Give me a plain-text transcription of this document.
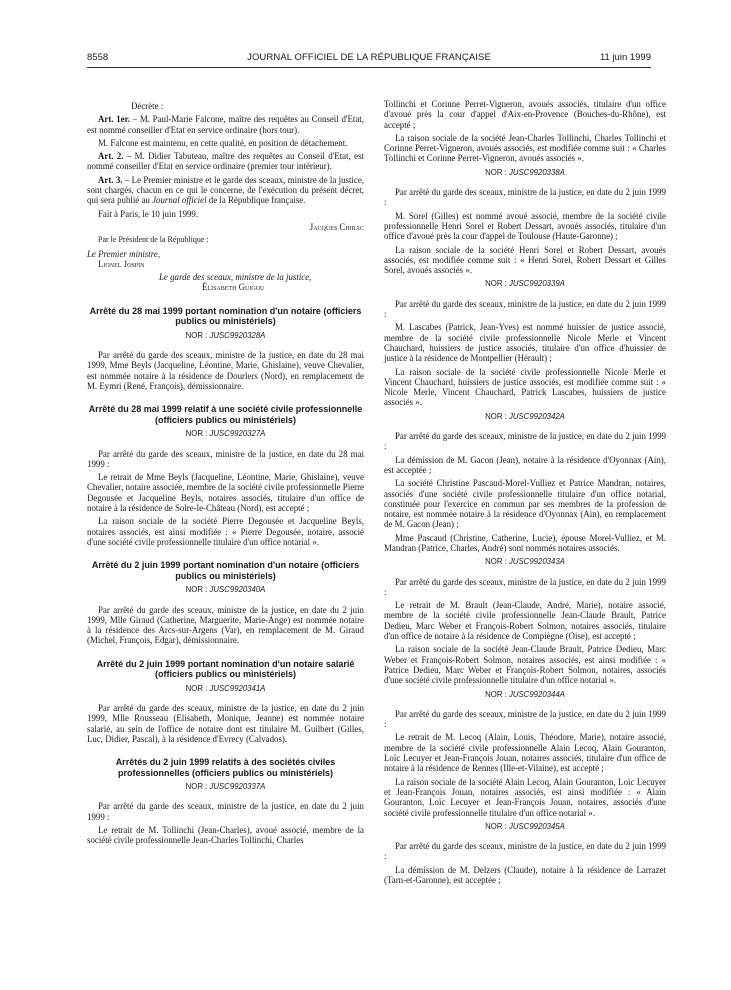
8558	JOURNAL OFFICIEL DE LA RÉPUBLIQUE FRANÇAISE	11 juin 1999

Décrète :

Art. 1er. – M. Paul-Marie Falcone, maître des requêtes au Conseil d'Etat, est nommé conseiller d'Etat en service ordinaire (hors tour).

M. Falcone est maintenu, en cette qualité, en position de détachement.

Art. 2. – M. Didier Tabuteau, maître des requêtes au Conseil d'Etat, est nommé conseiller d'Etat en service ordinaire (premier tour intérieur).

Art. 3. – Le Premier ministre et le garde des sceaux, ministre de la justice, sont chargés, chacun en ce qui le concerne, de l'exécution du présent décret, qui sera publié au Journal officiel de la République française.

Fait à Paris, le 10 juin 1999.

Jacques Chirac

Par le Président de la République :

Le Premier ministre,

Lionel Jospin

Le garde des sceaux, ministre de la justice,

Élisabeth Guigou

Arrêté du 28 mai 1999 portant nomination d'un notaire (officiers publics ou ministériels)
NOR : JUSC9920328A

Par arrêté du garde des sceaux, ministre de la justice, en date du 28 mai 1999, Mme Beyls (Jacqueline, Léontine, Marie, Ghislaine), veuve Chevalier, est nommée notaire à la résidence de Dourlers (Nord), en remplacement de M. Eymri (René, François), démissionnaire.

Arrêté du 28 mai 1999 relatif à une société civile professionnelle (officiers publics ou ministériels)
NOR : JUSC9920327A

Par arrêté du garde des sceaux, ministre de la justice, en date du 28 mai 1999 :

Le retrait de Mme Beyls (Jacqueline, Léontine, Marie, Ghislaine), veuve Chevalier, notaire associée, membre de la société civile professionnelle Pierre Degousée et Jacqueline Beyls, notaires associés, titulaire d'un office de notaire à la résidence de Solre-le-Château (Nord), est accepté ;

La raison sociale de la société Pierre Degousée et Jacqueline Beyls, notaires associés, est ainsi modifiée : « Pierre Degousée, notaire, associé d'une société civile professionnelle titulaire d'un office notarial ».

Arrêté du 2 juin 1999 portant nomination d'un notaire (officiers publics ou ministériels)
NOR : JUSC9920340A

Par arrêté du garde des sceaux, ministre de la justice, en date du 2 juin 1999, Mlle Giraud (Catherine, Marguerite, Marie-Ange) est nommée notaire à la résidence des Arcs-sur-Argens (Var), en remplacement de M. Giraud (Michel, François, Edgar), démissionnaire.

Arrêté du 2 juin 1999 portant nomination d'un notaire salarié (officiers publics ou ministériels)
NOR : JUSC9920341A

Par arrêté du garde des sceaux, ministre de la justice, en date du 2 juin 1999, Mlle Rousseau (Elisabeth, Monique, Jeanne) est nommée notaire salarié, au sein de l'office de notaire dont est titulaire M. Guilbert (Gilles, Luc, Didier, Pascal), à la résidence d'Evrecy (Calvados).

Arrêtés du 2 juin 1999 relatifs à des sociétés civiles professionnelles (officiers publics ou ministériels)
NOR : JUSC9920337A

Par arrêté du garde des sceaux, ministre de la justice, en date du 2 juin 1999 :

Le retrait de M. Tollinchi (Jean-Charles), avoué associé, membre de la société civile professionnelle Jean-Charles Tollinchi, Charles

Tollinchi et Corinne Perret-Vigneron, avoués associés, titulaire d'un office d'avoué près la cour d'appel d'Aix-en-Provence (Bouches-du-Rhône), est accepté ;

La raison sociale de la société Jean-Charles Tollinchi, Charles Tollinchi et Corinne Perret-Vigneron, avoués associés, est modifiée comme suit : « Charles Tollinchi et Corinne Perret-Vigneron, avoués associés ».

NOR : JUSC9920338A

Par arrêté du garde des sceaux, ministre de la justice, en date du 2 juin 1999 :

M. Sorel (Gilles) est nommé avoué associé, membre de la société civile professionnelle Henri Sorel et Robert Dessart, avoués associés, titulaire d'un office d'avoué près la cour d'appel de Toulouse (Haute-Garonne) ;

La raison sociale de la société Henri Sorel et Robert Dessart, avoués associés, est modifiée comme suit : « Henri Sorel, Robert Dessart et Gilles Sorel, avoués associés ».

NOR : JUSC9920339A

Par arrêté du garde des sceaux, ministre de la justice, en date du 2 juin 1999 :

M. Lascabes (Patrick, Jean-Yves) est nommé huissier de justice associé, membre de la société civile professionnelle Nicole Merle et Vincent Chauchard, huissiers de justice associés, titulaire d'un office d'huissier de justice à la résidence de Montpellier (Hérault) ;

La raison sociale de la société civile professionnelle Nicole Merle et Vincent Chauchard, huissiers de justice associés, est modifiée comme suit : « Nicole Merle, Vincent Chauchard, Patrick Lascabes, huissiers de justice associés ».

NOR : JUSC9920342A

Par arrêté du garde des sceaux, ministre de la justice, en date du 2 juin 1999 :

La démission de M. Gacon (Jean), notaire à la résidence d'Oyonnax (Ain), est acceptée ;

La société Christine Pascaud-Morel-Vulliez et Patrice Mandran, notaires, associés d'une société civile professionnelle titulaire d'un office notarial, constituée pour l'exercice en commun par ses membres de la profession de notaire, est nommée notaire à la résidence d'Oyonnax (Ain), en remplacement de M. Gacon (Jean) ;

Mme Pascaud (Christine, Catherine, Lucie), épouse Morel-Vulliez, et M. Mandran (Patrice, Charles, André) sont nommés notaires associés.

NOR : JUSC9920343A

Par arrêté du garde des sceaux, ministre de la justice, en date du 2 juin 1999 :

Le retrait de M. Brault (Jean-Claude, André, Marie), notaire associé, membre de la société civile professionnelle Jean-Claude Brault, Patrice Dedieu, Marc Weber et François-Robert Solmon, notaires associés, titulaire d'un office de notaire à la résidence de Compiègne (Oise), est accepté ;

La raison sociale de la société Jean-Claude Brault, Patrice Dedieu, Marc Weber et François-Robert Solmon, notaires associés, est ainsi modifiée : « Patrice Dedieu, Marc Weber et François-Robert Solmon, notaires, associés d'une société civile professionnelle titulaire d'un office notarial ».

NOR : JUSC9920344A

Par arrêté du garde des sceaux, ministre de la justice, en date du 2 juin 1999 :

Le retrait de M. Lecoq (Alain, Louis, Théodore, Marie), notaire associé, membre de la société civile professionnelle Alain Lecoq, Alain Gouranton, Loïc Lecuyer et Jean-François Jouan, notaires associés, titulaire d'un office de notaire à la résidence de Rennes (Ille-et-Vilaine), est accepté ;

La raison sociale de la société Alain Lecoq, Alain Gouranton, Loïc Lecuyer et Jean-François Jouan, notaires associés, est ainsi modifiée : « Alain Gouranton, Loïc Lecuyer et Jean-François Jouan, notaires, associés d'une société civile professionnelle titulaire d'un office notarial ».

NOR : JUSC9920345A

Par arrêté du garde des sceaux, ministre de la justice, en date du 2 juin 1999 :

La démission de M. Delzers (Claude), notaire à la résidence de Larrazet (Tarn-et-Garonne), est acceptée ;
